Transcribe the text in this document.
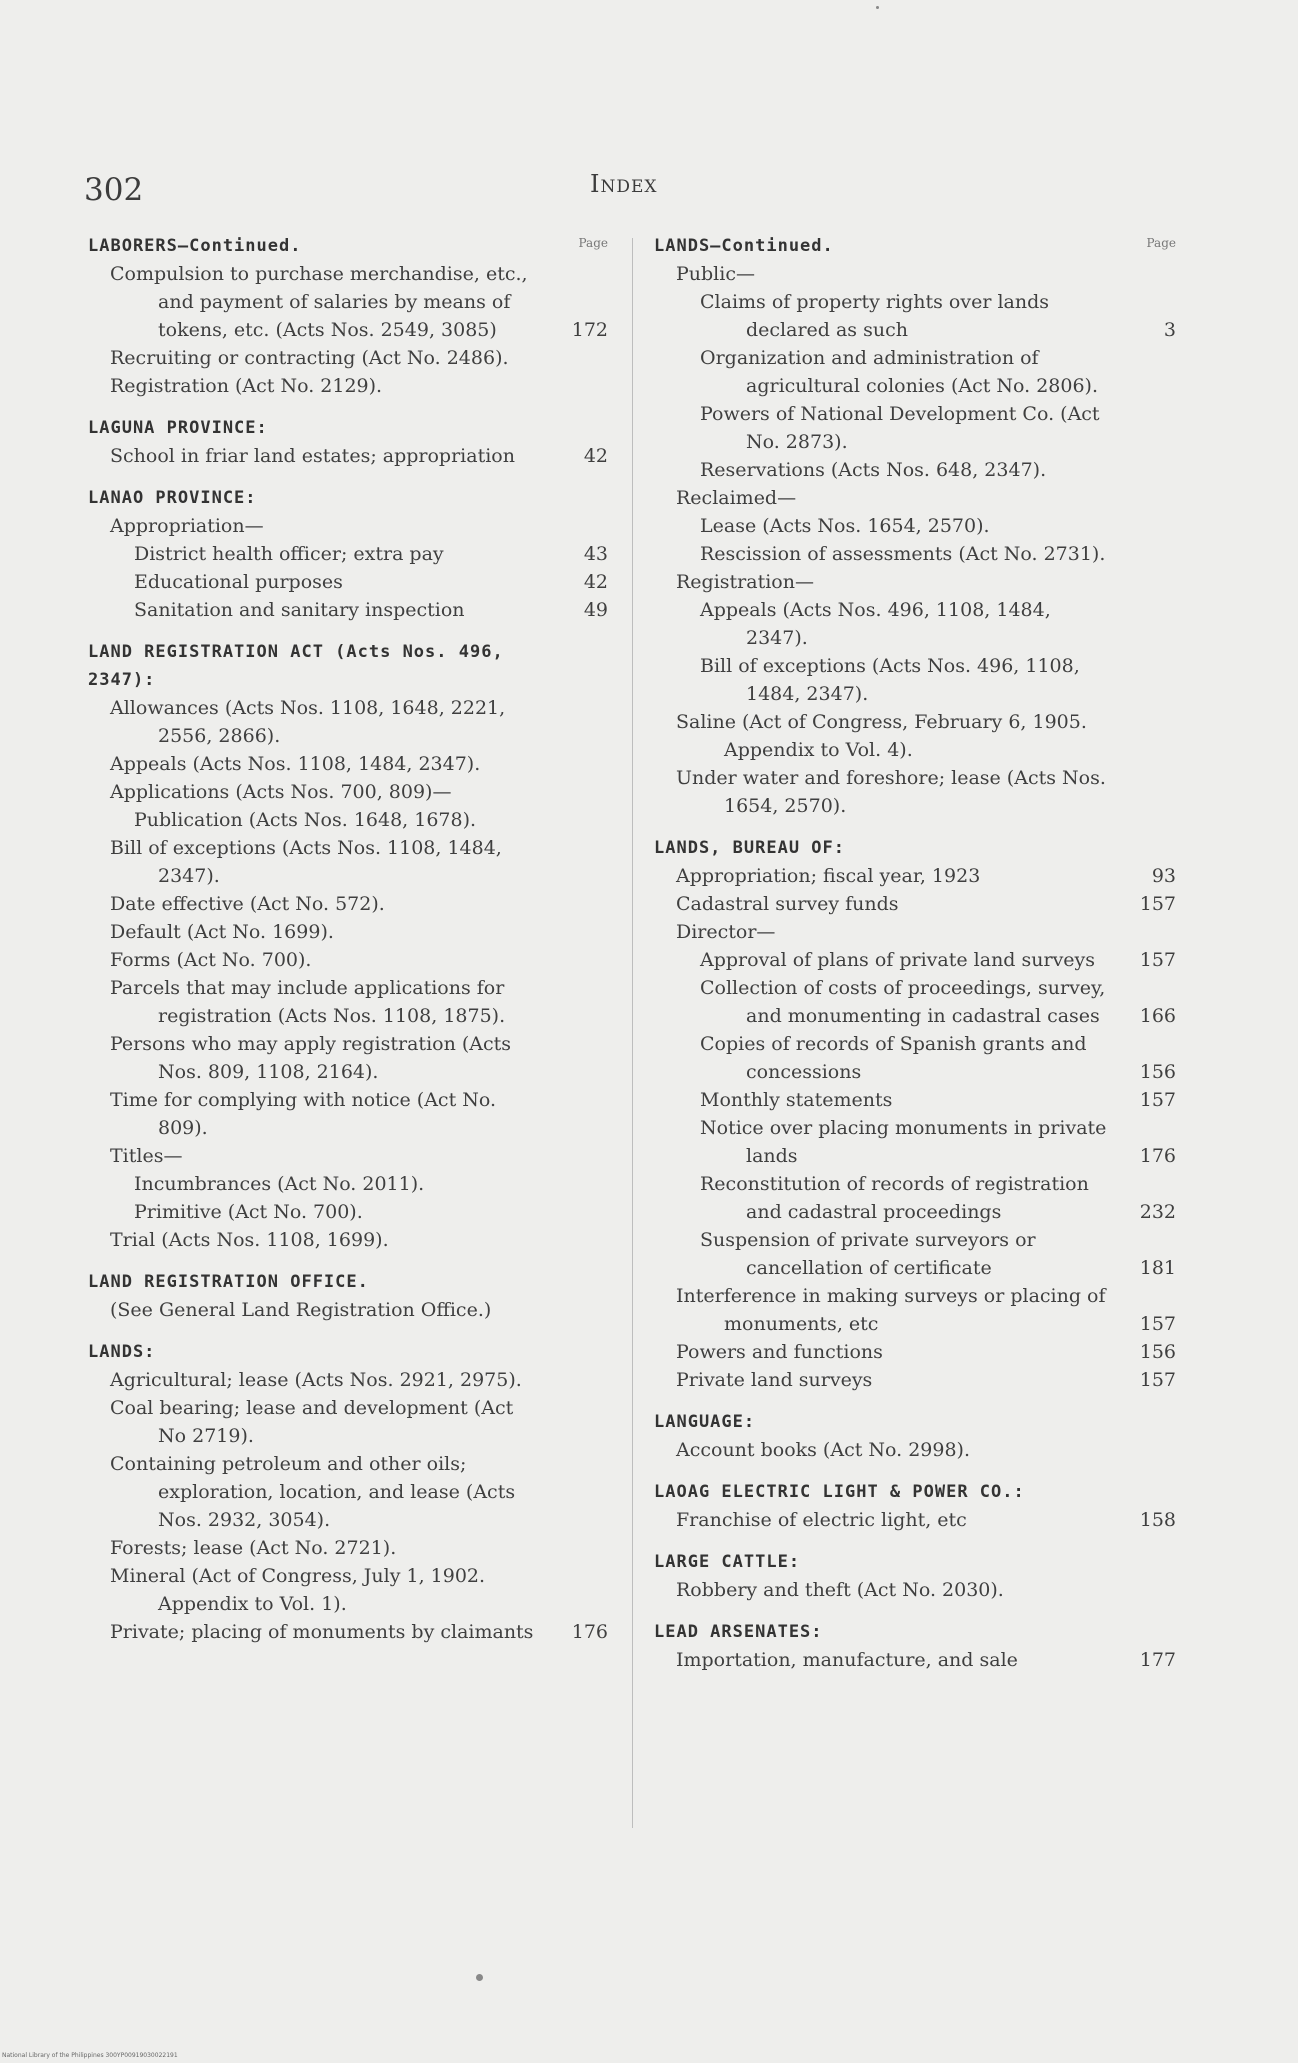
302	Index
Page
LABORERS—Continued.
Compulsion to purchase merchandise, etc., and payment of salaries by means of tokens, etc. (Acts Nos. 2549, 3085)	172
Recruiting or contracting (Act No. 2486).
Registration (Act No. 2129).
LAGUNA PROVINCE:
School in friar land estates; appropriation	42
LANAO PROVINCE:
Appropriation—
District health officer; extra pay	43
Educational purposes	42
Sanitation and sanitary inspection	49
LAND REGISTRATION ACT (Acts Nos. 496, 2347):
Allowances (Acts Nos. 1108, 1648, 2221, 2556, 2866).
Appeals (Acts Nos. 1108, 1484, 2347).
Applications (Acts Nos. 700, 809)—
Publication (Acts Nos. 1648, 1678).
Bill of exceptions (Acts Nos. 1108, 1484, 2347).
Date effective (Act No. 572).
Default (Act No. 1699).
Forms (Act No. 700).
Parcels that may include applications for registration (Acts Nos. 1108, 1875).
Persons who may apply registration (Acts Nos. 809, 1108, 2164).
Time for complying with notice (Act No. 809).
Titles—
Incumbrances (Act No. 2011).
Primitive (Act No. 700).
Trial (Acts Nos. 1108, 1699).
LAND REGISTRATION OFFICE.
(See General Land Registration Office.)
LANDS:
Agricultural; lease (Acts Nos. 2921, 2975).
Coal bearing; lease and development (Act No 2719).
Containing petroleum and other oils; exploration, location, and lease (Acts Nos. 2932, 3054).
Forests; lease (Act No. 2721).
Mineral (Act of Congress, July 1, 1902. Appendix to Vol. 1).
Private; placing of monuments by claimants	176
Page
LANDS—Continued.
Public—
Claims of property rights over lands declared as such	3
Organization and administration of agricultural colonies (Act No. 2806).
Powers of National Development Co. (Act No. 2873).
Reservations (Acts Nos. 648, 2347).
Reclaimed—
Lease (Acts Nos. 1654, 2570).
Rescission of assessments (Act No. 2731).
Registration—
Appeals (Acts Nos. 496, 1108, 1484, 2347).
Bill of exceptions (Acts Nos. 496, 1108, 1484, 2347).
Saline (Act of Congress, February 6, 1905. Appendix to Vol. 4).
Under water and foreshore; lease (Acts Nos. 1654, 2570).
LANDS, BUREAU OF:
Appropriation; fiscal year, 1923	93
Cadastral survey funds	157
Director—
Approval of plans of private land surveys	157
Collection of costs of proceedings, survey, and monumenting in cadastral cases	166
Copies of records of Spanish grants and concessions	156
Monthly statements	157
Notice over placing monuments in private lands	176
Reconstitution of records of registration and cadastral proceedings	232
Suspension of private surveyors or cancellation of certificate	181
Interference in making surveys or placing of monuments, etc	157
Powers and functions	156
Private land surveys	157
LANGUAGE:
Account books (Act No. 2998).
LAOAG ELECTRIC LIGHT & POWER CO.:
Franchise of electric light, etc	158
LARGE CATTLE:
Robbery and theft (Act No. 2030).
LEAD ARSENATES:
Importation, manufacture, and sale	177
National Library of the Philippines 300YP00919030022191
